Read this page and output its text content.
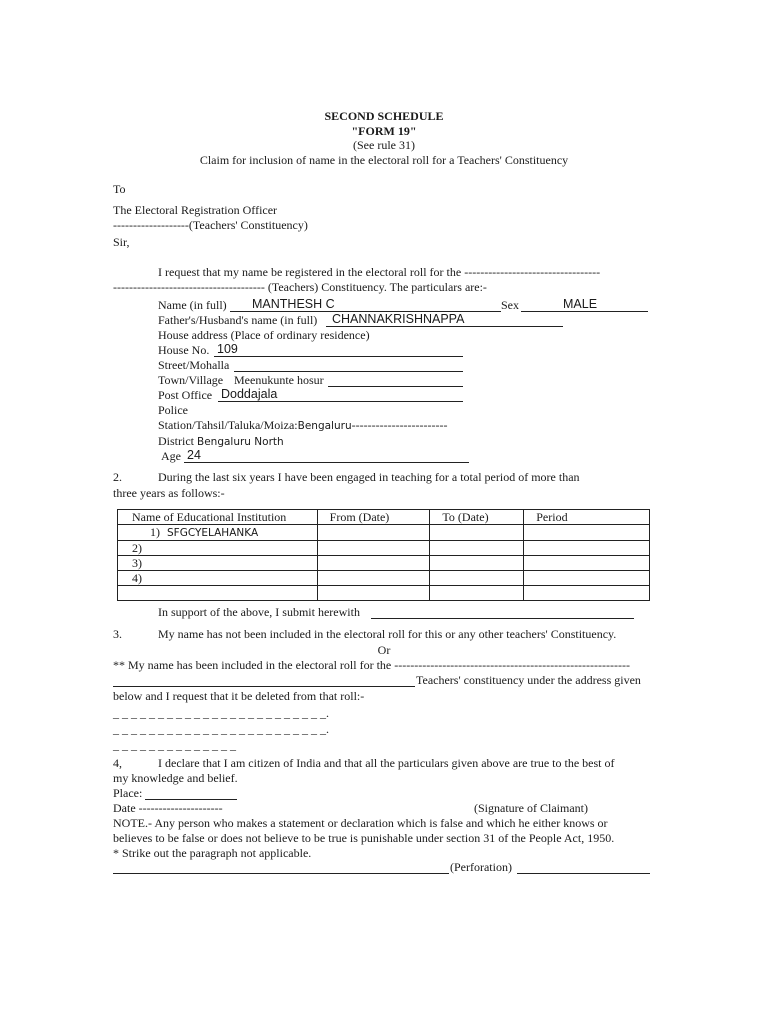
SECOND SCHEDULE
"FORM 19"
(See rule 31)
Claim for inclusion of name in the electoral roll for a Teachers' Constituency
To
The Electoral Registration Officer
-------------------(Teachers' Constituency)
Sir,
I request that my name be registered in the electoral roll for the ----------------------------------
-------------------------------------- (Teachers) Constituency. The particulars are:-
Name (in full) MANTHESH C	Sex	MALE
Father's/Husband's name (in full) CHANNAKRISHNAPPA
House address (Place of ordinary residence)
House No. 109
Street/Mohalla
Town/Village Meenukunte hosur
Post Office Doddajala
Police
Station/Tahsil/Taluka/Moiza:Bengaluru------------------------
District Bengaluru North
Age 24
2.	During the last six years I have been engaged in teaching for a total period of more than
three years as follows:-
Name of Educational Institution	From (Date)	To (Date)	Period
1) SFGCYELAHANKA			
2)			
3)			
4)			

In support of the above, I submit herewith
3.	My name has not been included in the electoral roll for this or any other teachers' Constituency.
Or
** My name has been included in the electoral roll for the -----------------------------------------------------------
Teachers' constituency under the address given
below and I request that it be deleted from that roll:-
_ _ _ _ _ _ _ _ _ _ _ _ _ _ _ _ _ _ _ _ _ _ _ _.
_ _ _ _ _ _ _ _ _ _ _ _ _ _ _ _ _ _ _ _ _ _ _ _.
_ _ _ _ _ _ _ _ _ _ _ _ _ _
4,	I declare that I am citizen of India and that all the particulars given above are true to the best of
my knowledge and belief.
Place:
Date ---------------------	(Signature of Claimant)
NOTE.- Any person who makes a statement or declaration which is false and which he either knows or
believes to be false or does not believe to be true is punishable under section 31 of the People Act, 1950.
* Strike out the paragraph not applicable.
(Perforation)
